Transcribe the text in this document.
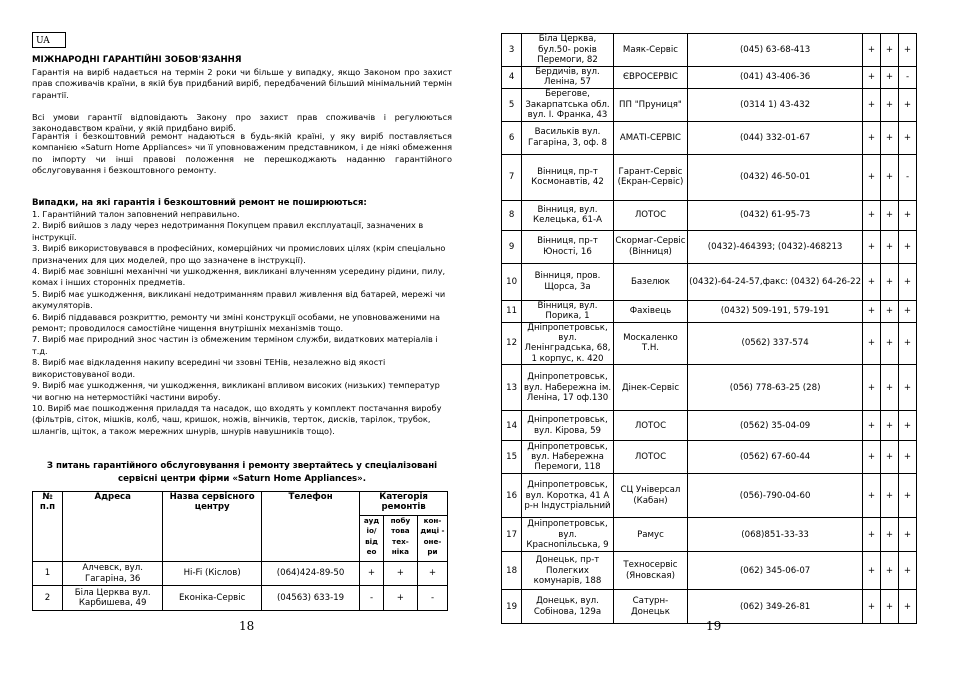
UA

МІЖНАРОДНІ ГАРАНТІЙНІ ЗОБОВ'ЯЗАННЯ

Гарантія на виріб надається на термін 2 роки чи більше у випадку, якщо Законом про захист прав споживачів країни, в якій був придбаний виріб, передбачений більший мінімальний термін гарантії.

Всі умови гарантії відповідають Закону про захист прав споживачів і регулюються законодавством країни, у якій придбано виріб.

Гарантія і безкоштовний ремонт надаються в будь-якій країні, у яку виріб поставляється компанією «Saturn Home Appliances» чи її уповноваженим представником, і де ніякі обмеження по імпорту чи інші правові положення не перешкоджають наданню гарантійного обслуговування і безкоштовного ремонту.

Випадки, на які гарантія і безкоштовний ремонт не поширюються:

1. Гарантійний талон заповнений неправильно.
2. Виріб вийшов з ладу через недотримання Покупцем правил експлуатації, зазначених в інструкції.
3. Виріб використовувався в професійних, комерційних чи промислових цілях (крім спеціально призначених для цих моделей, про що зазначене в інструкції).
4. Виріб має зовнішні механічні чи ушкодження, викликані влученням усередину рідини, пилу, комах і інших сторонніх предметів.
5. Виріб має ушкодження, викликані недотриманням правил живлення від батарей, мережі чи акумуляторів.
6. Виріб піддавався розкриттю, ремонту чи зміні конструкції особами, не уповноваженими на ремонт; проводилося самостійне чищення внутрішніх механізмів тощо.
7. Виріб має природний знос частин із обмеженим терміном служби, видаткових матеріалів і т.д.
8. Виріб має відкладення накипу всередині чи ззовні ТЕНів, незалежно від якості використовуваної води.
9. Виріб має ушкодження, чи ушкодження, викликані впливом високих (низьких) температур чи вогню на нетермостійкі частини виробу.
10. Виріб має пошкодження приладдя та насадок, що входять у комплект постачання виробу (фільтрів, сіток, мішків, колб, чаш, кришок, ножів, вінчиків, терток, дисків, тарілок, трубок, шлангів, щіток, а також мережних шнурів, шнурів навушників тощо).

З питань гарантійного обслуговування і ремонту звертайтесь у спеціалізовані сервісні центри фірми «Saturn Home Appliances».

№ п.п	Адреса	Назва сервісного центру	Телефон	Категорія ремонтів		
				ауд іо/ від ео	побу това тех- ніка	кон- диці - оне- ри
1	Алчевск, вул. Гагаріна, 36	Hi-Fi (Кіслов)	(064)424-89-50	+	+	+
2	Біла Церква вул. Карбишева, 49	Еконіка-Сервіс	(04563) 633-19	-	+	-
18
3	Біла Церква, бул.50- років Перемоги, 82	Маяк-Сервіс	(045) 63-68-413	+	+	+
4	Бердичів, вул. Леніна, 57	ЄВРОСЕРВІС	(041) 43-406-36	+	+	-
5	Берегове, Закарпатська обл. вул. І. Франка, 43	ПП "Пруниця"	(0314 1) 43-432	+	+	+
6	Васильків вул. Гагаріна, 3, оф. 8	АМАТІ-СЕРВІС	(044) 332-01-67	+	+	+
7	Вінниця, пр-т Космонавтів, 42	Гарант-Сервіс (Екран-Сервіс)	(0432) 46-50-01	+	+	-
8	Вінниця, вул. Келецька, 61-А	ЛОТОС	(0432) 61-95-73	+	+	+
9	Вінниця, пр-т Юності, 16	Скормаг-Сервіс (Вінниця)	(0432)-464393; (0432)-468213	+	+	+
10	Вінниця, пров. Щорса, 3а	Базелюк	(0432)-64-24-57,факс: (0432) 64-26-22	+	+	+
11	Вінниця, вул. Порика, 1	Фахівець	(0432) 509-191, 579-191	+	+	+
12	Дніпропетровськ, вул. Ленінградська, 68, 1 корпус, к. 420	Москаленко Т.Н.	(0562) 337-574	+	+	+
13	Дніпропетровськ, вул. Набережна ім. Леніна, 17 оф.130	Дінек-Сервіс	(056) 778-63-25 (28)	+	+	+
14	Дніпропетровськ, вул. Кірова, 59	ЛОТОС	(0562) 35-04-09	+	+	+
15	Дніпропетровськ, вул. Набережна Перемоги, 118	ЛОТОС	(0562) 67-60-44	+	+	+
16	Дніпропетровськ, вул. Коротка, 41 А р-н Індустріальний	СЦ Універсал (Кабан)	(056)-790-04-60	+	+	+
17	Дніпропетровськ, вул. Краснопільська, 9	Рамус	(068)851-33-33	+	+	+
18	Донецьк, пр-т Полегких комунарів, 188	Техносервіс (Яновская)	(062) 345-06-07	+	+	+
19	Донецьк, вул. Собінова, 129а	Сатурн-Донецьк	(062) 349-26-81	+	+	+
19
